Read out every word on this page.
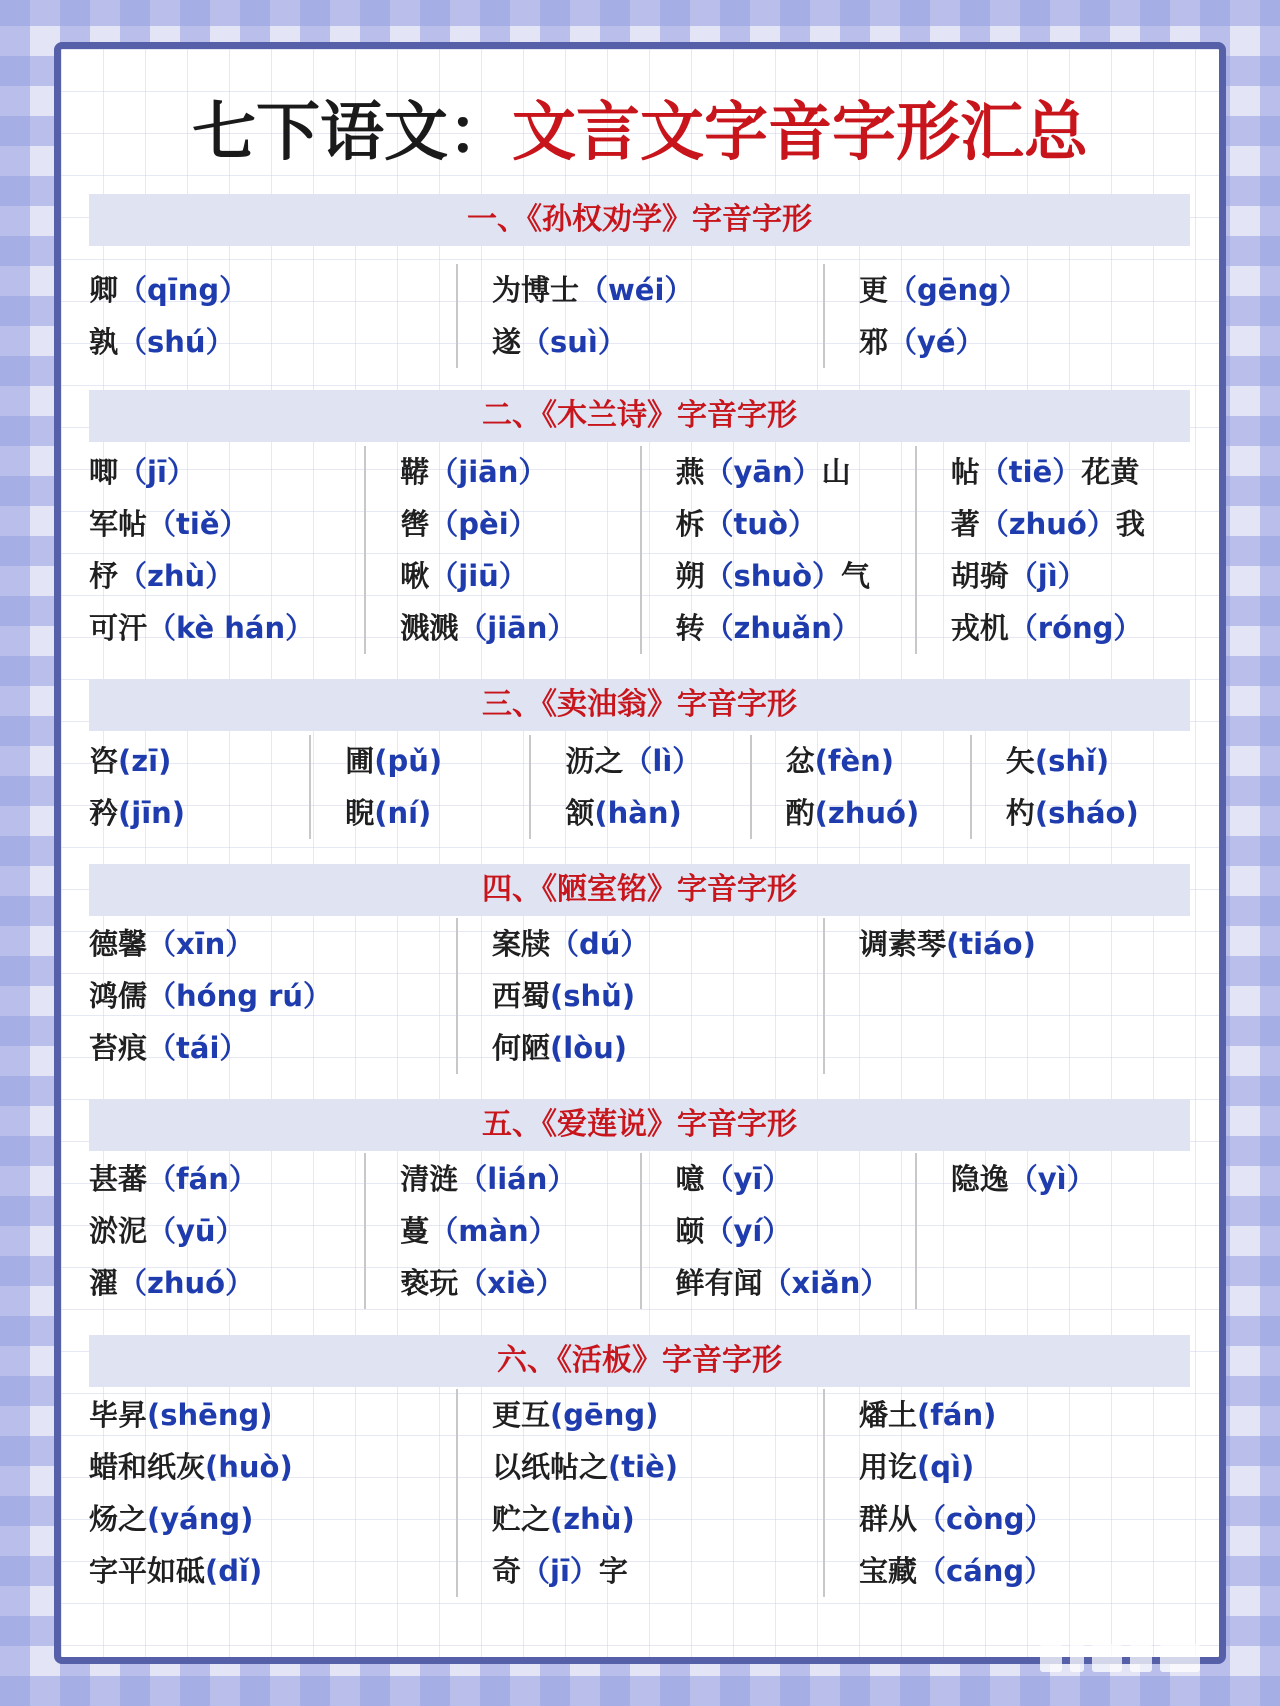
七下语文：文言文字音字形汇总
一、《孙权劝学》字音字形
卿（qīng）
孰（shú）
为博士（wéi）
遂（suì）
更（gēng）
邪（yé）
二、《木兰诗》字音字形
唧（jī）
军帖（tiě）
杼（zhù）
可汗（kè hán）
鞯（jiān）
辔（pèi）
啾（jiū）
溅溅（jiān）
燕（yān）山
柝（tuò）
朔（shuò）气
转（zhuǎn）
帖（tiē）花黄
著（zhuó）我
胡骑（jì）
戎机（róng）
三、《卖油翁》字音字形
咨(zī)
矜(jīn)
圃(pǔ)
睨(ní)
沥之（lì）
颔(hàn)
忿(fèn)
酌(zhuó)
矢(shǐ)
杓(sháo)
四、《陋室铭》字音字形
德馨（xīn）
鸿儒（hóng rú）
苔痕（tái）
案牍（dú）
西蜀(shǔ)
何陋(lòu)
调素琴(tiáo)
五、《爱莲说》字音字形
甚蕃（fán）
淤泥（yū）
濯（zhuó）
清涟（lián）
蔓（màn）
亵玩（xiè）
噫（yī）
颐（yí）
鲜有闻（xiǎn）
隐逸（yì）
六、《活板》字音字形
毕昇(shēng)
蜡和纸灰(huò)
炀之(yáng)
字平如砥(dǐ)
更互(gēng)
以纸帖之(tiè)
贮之(zhù)
奇（jī）字
燔土(fán)
用讫(qì)
群从（còng）
宝藏（cáng）
